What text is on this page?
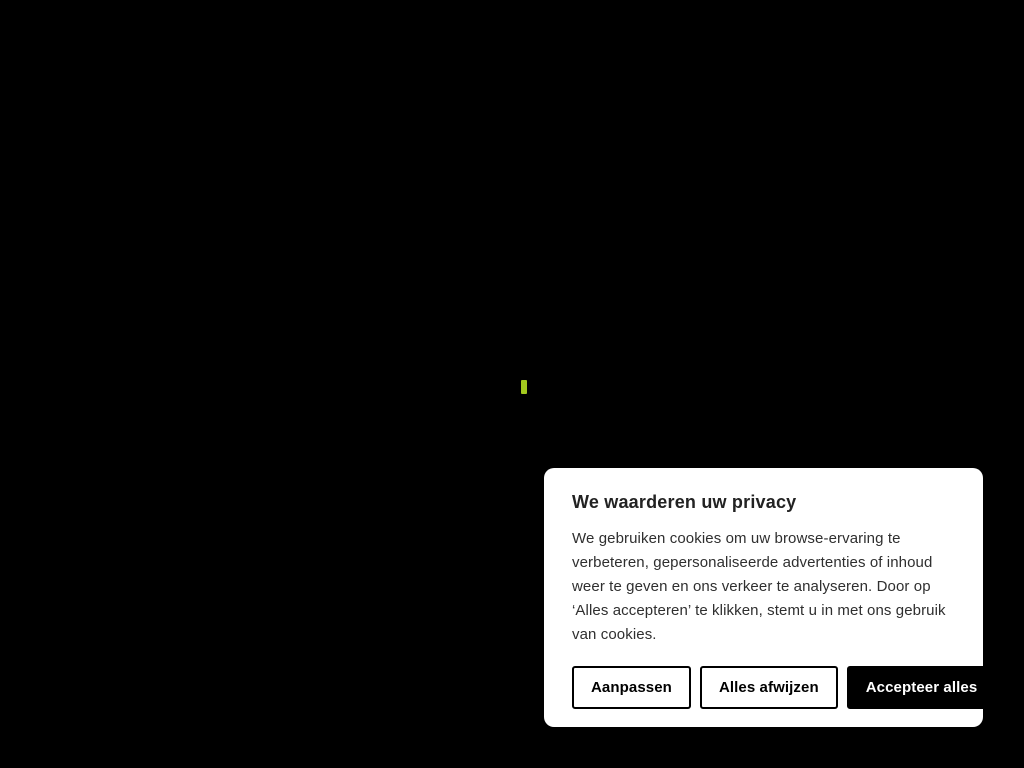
We waarderen uw privacy

We gebruiken cookies om uw browse-ervaring te verbeteren, gepersonaliseerde advertenties of inhoud weer te geven en ons verkeer te analyseren. Door op ‘Alles accepteren’ te klikken, stemt u in met ons gebruik van cookies.

Aanpassen	Alles afwijzen	Accepteer alles
